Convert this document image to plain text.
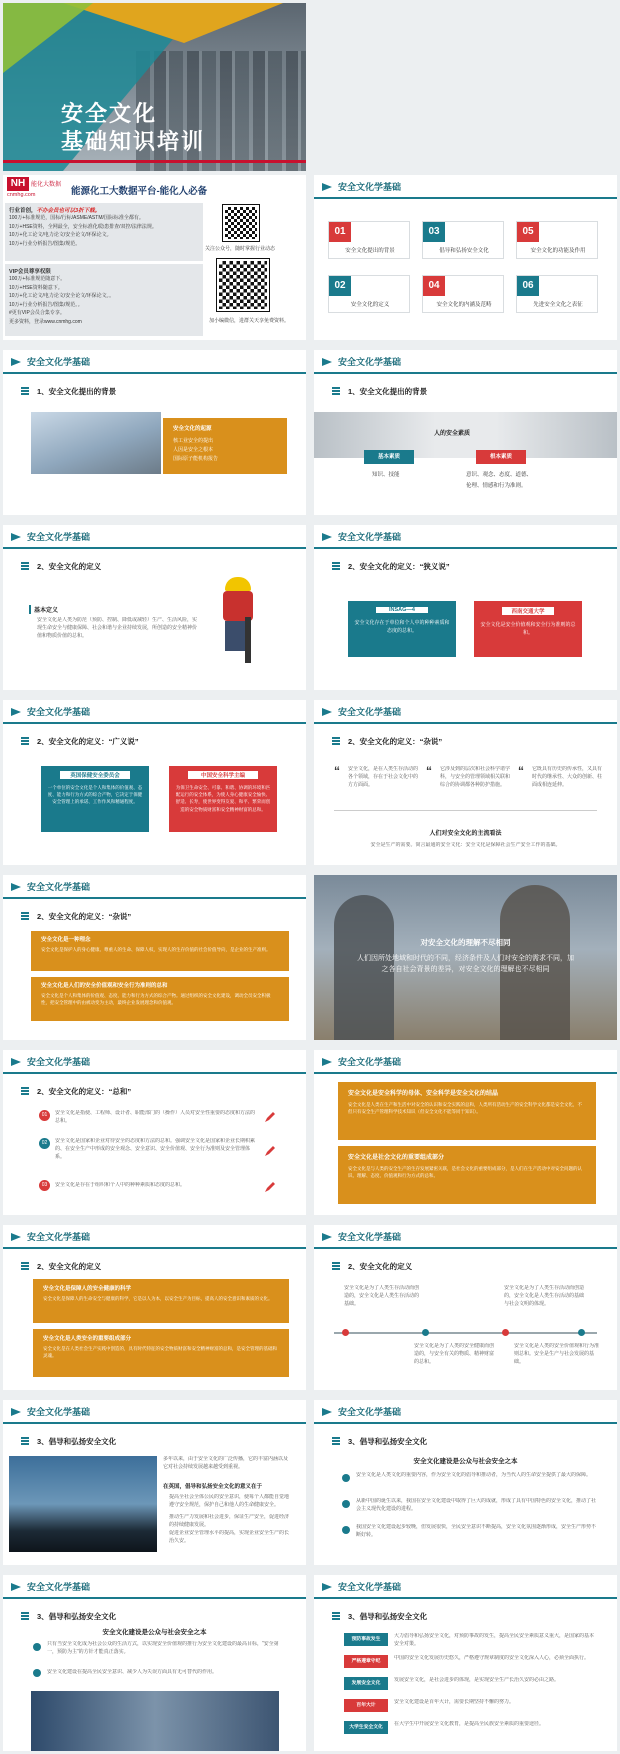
安全文化
基础知识培训
NH 能化大数据
cnmhg.com	能源化工大数据平台-能化人必备
行业首创，不办会员也可以3折下载。
100万+标准规范，国标/行标/ASME/ASTM/国际标准全都有。
10万+HSE资料，全网最全，安全标准化/隐患排查/双控/法律法规。
10万+化工论文/电力论文/安全论文/环保论文。
10万+行业分析报告/图集/规范。
VIP会员尊享权限
100万+标准规范随意下。
10万+HSE资料随意下。
10万+化工论文/电力论文/安全论文/环保论文。。
10万+行业分析报告/图集/规范。。
#更有VIP会员合集专享。
更多资料，登录www.cnmhg.com
关注公众号，随时掌握行业动态
加小编微信，进群关天享免费资料。
安全文化学基础
01
安全文化提出的背景
03
倡导和弘扬安全文化
05
安全文化的功能及作用
02
安全文化的定义
04
安全文化的内涵及范畴
06
先进安全文化之表征
安全文化学基础
1、安全文化提出的背景
安全文化的起源
核工业安全的提出
人因是安全之根本
国际原子能机构报告
安全文化学基础
1、安全文化提出的背景
人的安全素质
基本素质	根本素质
知识、技能	意识、观念、态度、道德、
伦理、情感和行为准则。
安全文化学基础
2、安全文化的定义
基本定义
安全文化是人类为防范（预防、控制、降低或减轻）生产、生活风险，实现生命安全与健康保障、社会和谐与企业持续发展，所创造的安全精神价值和物质价值的总和。
安全文化学基础
2、安全文化的定义：“狭义说”
INSAG—4
安全文化存在于单位和个人中的种种素质和态度的总和。
西南交通大学
安全文化是安全价值观和安全行为准则的总和。
安全文化学基础
2、安全文化的定义：“广义说”
英国保健安全委员会
一个单位的安全文化是个人和集体的价值观、态度、能力和行为方式的综合产物，它决定于保健安全管理上的承诺、工作作风和精通程度。
中国安全科学主编
为保卫生命安全、可靠、和谐、协调的环境和匹配运行的安全体系，为使人身心健康安全愉快、舒适、长寿，使世界变得友爱、和平、繁荣而创造的安全物质财富和安全精神财富的总和。
安全文化学基础
2、安全文化的定义：“杂说”
“ 安全文化，是在人类生存活动的各个领域，存在于社会文化中的方方面面。
“ 它涉及到的层次和社会科学诸学科，与安全的管理领域相关联和综合的协调都各种防护措施。
“ 它既具有历史的传承性，又具有时代的继承性、大众的创新、柱面成相连延伸。
人们对安全文化的主流看法
安全是生产的需要。简言最通的安全文化：安全文化是保障社会生产安全工作的基础。
安全文化学基础
2、安全文化的定义：“杂说”
安全文化是一种理念
安全文化是保护人的身心健康、尊重人的生命、保障人权，实现人的生存价值的社会价值导向，是企业的生产准则。
安全文化是人们的安全价值观和安全行为准则的总和
安全文化是个人和集体的价值观、态度、能力和行为方式的综合产物。通过组织的安全文化建设，调动全员安全积极性，把安全管理中的由被动变为主动，最终企业发展理念和价值观。
对安全文化的理解不尽相同
人们因所处地域和时代的不同，经济条件及人们对安全的需求不同，加之各自社会背景的差异，对安全文化的理解也不尽相同
安全文化学基础
2、安全文化的定义：“总和”
01	安全文化是指使、工程师、设计者、职能部门的（操作）人员对安全性重要的态度和方法的总和。
02	安全文化是国家和企业对待安全的态度和方法的总和。强调安全文化是国家和企业长期积累的、在安全生产中形成的安全观念、安全意识、安全价值观、安全行为准则及安全管理体系。
03	安全文化是存在于组织和个人中的种种素质和态度的总和。
安全文化学基础
安全文化是安全科学的母体、安全科学是安全文化的结晶
安全文化是人类在生产和生活中对安全的认识和安全实践的总和，人类所有活动生产的安全科学文化都是安全文化，不但只有安全生产管理科学技术知识（但安全文化不能等同于知识）。
安全文化是社会文化的重要组成部分
安全文化是与人类的安全生产的生存发展紧密关联，是社会文化的重要组成部分，是人们在生产活动中对安全问题的认识、理解、态度、价值观和行为方式的总和。
安全文化学基础
2、安全文化的定义
安全文化是保障人的安全健康的科学
安全文化是保障人的生命安全与健康的科学，它是以人为本，以安全生产为目标，提高人的安全意识和素质的文化。
安全文化是人类安全的重要组成部分
安全文化是在人类社会生产实践中创造的，具有时代特征的安全物质财富和安全精神财富的总和，是安全管理的基础和灵魂。
安全文化学基础
2、安全文化的定义
安全文化是为了人类生存活动而创造的，安全文化是人类生存活动的基础。
安全文化是为了人类生存活动而创造的，安全文化是人类生存活动的基础与社会文明的体现。
安全文化是为了人类的安全健康而创造的，与安全有关的物质、精神财富的总和。
安全文化是人类的安全价值观和行为准则总和。安全是生产与社会发展的基础。
安全文化学基础
3、倡导和弘扬安全文化
多年以来，由于安全文化的广泛传播，它的丰富内涵以及它对社会持续发展越来越受到重视。
在英国，倡导和弘扬安全文化的意义在于
提高全社会全体公民的安全意识，使每个人都能自觉地遵守安全规范，保护自己和他人的生命健康安全。
推动生产力发展和社会进步，保证生产安全，促进经济的持续健康发展。
促进企业安全管理水平的提高，实现企业安全生产的长治久安。
安全文化学基础
3、倡导和弘扬安全文化
安全文化建设是公众与社会安全之本
安全文化是人类文化的重要内容，作为安全文化的倡导和推动者，为当代人的生命安全提供了最大的保障。
从新中国的诞生以来，我国在安全文化建设中取得了巨大的成就，形成了具有中国特色的安全文化，推动了社会主义现代化建设的进程。
我国安全文化建设起步较晚，但发展很快，全民安全意识不断提高，安全文化氛围逐渐形成，安全生产形势不断好转。
安全文化学基础
3、倡导和弘扬安全文化
安全文化建设是公众与社会安全之本
只有当安全文化成为社会公众的生活方式，以实现安全价值观的推行为安全文化建设的最高目标，“安全第一，预防为主”的方针才能真正落实。
安全文化建设在提高全民安全意识、减少人为失误方面具有无可替代的作用。
安全文化学基础
3、倡导和弘扬安全文化
预防事故发生
大力倡导和弘扬安全文化，对预防事故的发生，提高全民安全素质意义重大，是国家的基本安全对策。
严格遵章守纪
中国的安全文化发展历史悠久，严格遵守规章制度的安全文化深入人心，必须全面执行。
发展安全文化
发展安全文化，是社会进步的体现，是实现安全生产长治久安的必由之路。
百年大计
安全文化建设是百年大计，需要长期坚持不懈的努力。
大学生安全文化
在大学生中开展安全文化教育，是提高全民族安全素质的重要途径。
